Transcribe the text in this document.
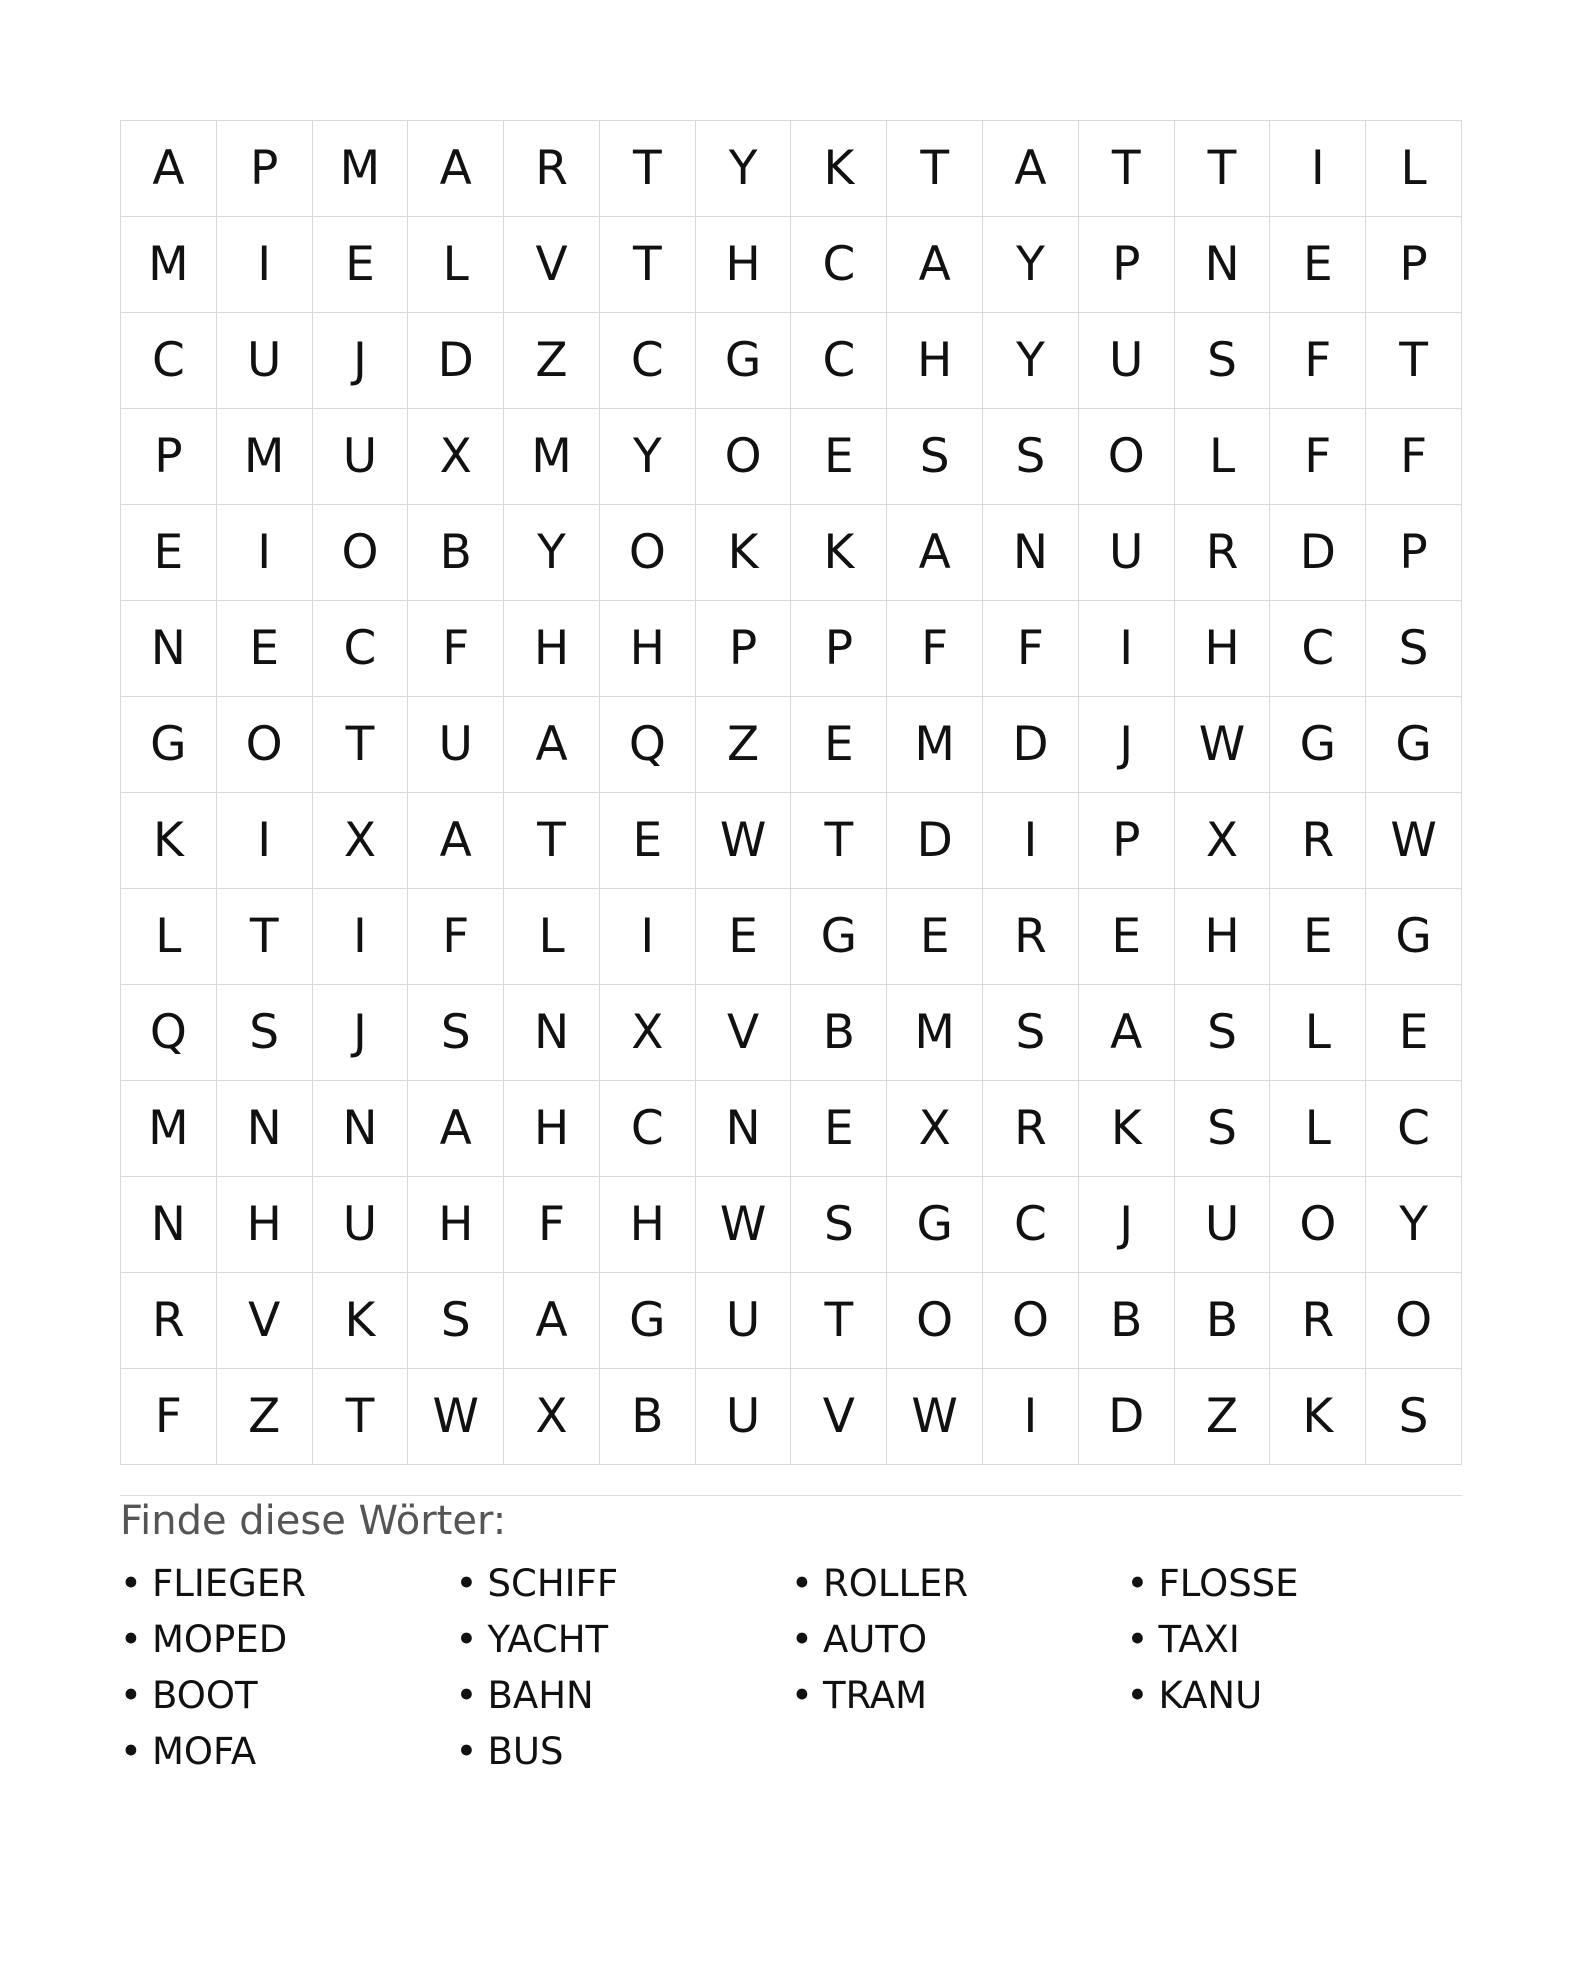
A	P	M	A	R	T	Y	K	T	A	T	T	I	L
M	I	E	L	V	T	H	C	A	Y	P	N	E	P
C	U	J	D	Z	C	G	C	H	Y	U	S	F	T
P	M	U	X	M	Y	O	E	S	S	O	L	F	F
E	I	O	B	Y	O	K	K	A	N	U	R	D	P
N	E	C	F	H	H	P	P	F	F	I	H	C	S
G	O	T	U	A	Q	Z	E	M	D	J	W	G	G
K	I	X	A	T	E	W	T	D	I	P	X	R	W
L	T	I	F	L	I	E	G	E	R	E	H	E	G
Q	S	J	S	N	X	V	B	M	S	A	S	L	E
M	N	N	A	H	C	N	E	X	R	K	S	L	C
N	H	U	H	F	H	W	S	G	C	J	U	O	Y
R	V	K	S	A	G	U	T	O	O	B	B	R	O
F	Z	T	W	X	B	U	V	W	I	D	Z	K	S
Finde diese Wörter:
• FLIEGER	• SCHIFF	• ROLLER	• FLOSSE
• MOPED	• YACHT	• AUTO	• TAXI
• BOOT	• BAHN	• TRAM	• KANU
• MOFA	• BUS
